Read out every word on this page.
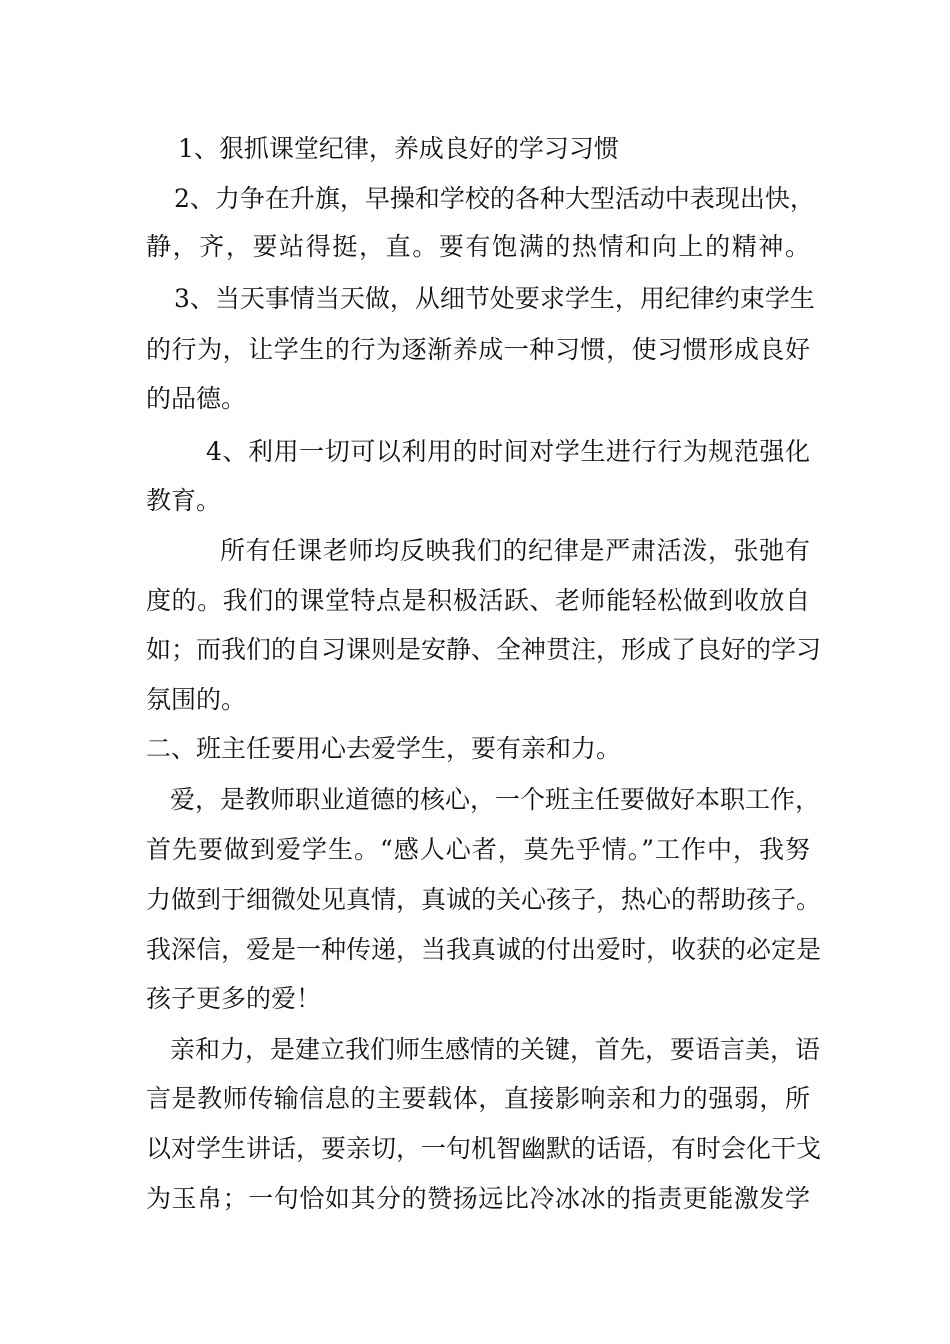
1、狠抓课堂纪律，养成良好的学习习惯
2、力争在升旗，早操和学校的各种大型活动中表现出快，
静，齐，要站得挺，直。要有饱满的热情和向上的精神。
3、当天事情当天做，从细节处要求学生，用纪律约束学生
的行为，让学生的行为逐渐养成一种习惯，使习惯形成良好
的品德。
4、利用一切可以利用的时间对学生进行行为规范强化
教育。
所有任课老师均反映我们的纪律是严肃活泼，张弛有
度的。我们的课堂特点是积极活跃、老师能轻松做到收放自
如；而我们的自习课则是安静、全神贯注，形成了良好的学习
氛围的。
二、班主任要用心去爱学生，要有亲和力。
爱，是教师职业道德的核心，一个班主任要做好本职工作，
首先要做到爱学生。“感人心者，莫先乎情。”工作中，我努
力做到于细微处见真情，真诚的关心孩子，热心的帮助孩子。
我深信，爱是一种传递，当我真诚的付出爱时，收获的必定是
孩子更多的爱！
亲和力，是建立我们师生感情的关键，首先，要语言美，语
言是教师传输信息的主要载体，直接影响亲和力的强弱，所
以对学生讲话，要亲切，一句机智幽默的话语，有时会化干戈
为玉帛；一句恰如其分的赞扬远比冷冰冰的指责更能激发学
